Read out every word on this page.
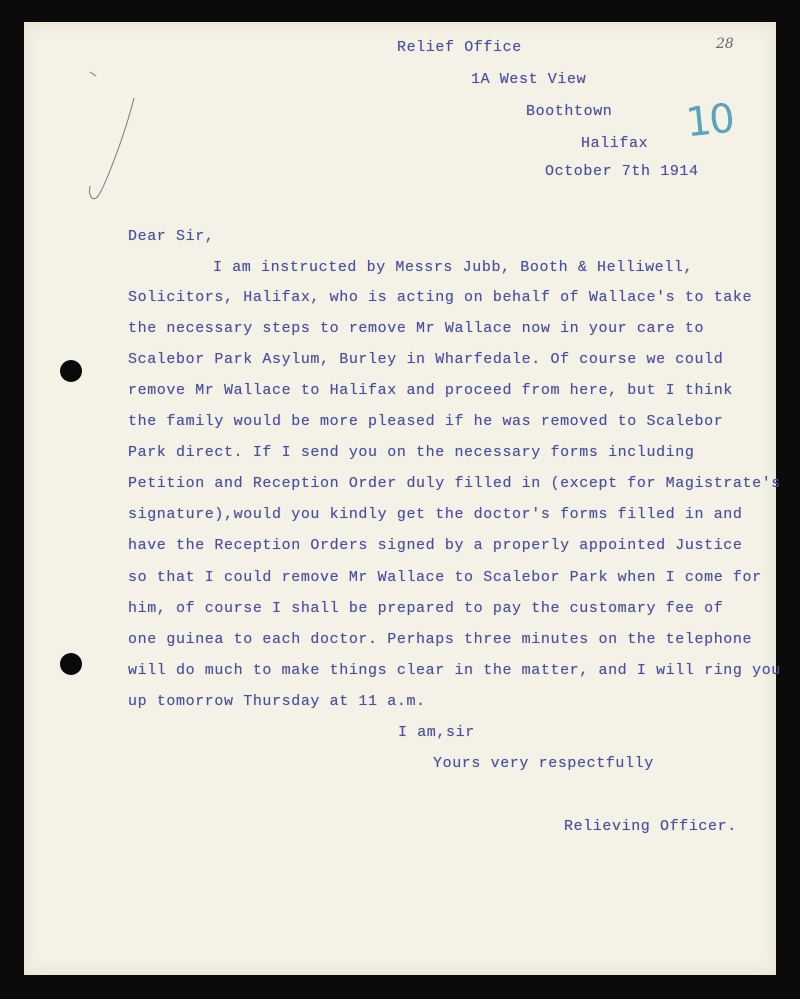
28
10
Relief Office
1A West View
Boothtown
Halifax
October 7th 1914
Dear Sir,
I am instructed by Messrs Jubb, Booth & Helliwell,
Solicitors, Halifax, who is acting on behalf of Wallace's to take
the necessary steps to remove Mr Wallace now in your care to
Scalebor Park Asylum, Burley in Wharfedale. Of course we could
remove Mr Wallace to Halifax and proceed from here, but I think
the family would be more pleased if he was removed to Scalebor
Park direct. If I send you on the necessary forms including
Petition and Reception Order duly filled in (except for Magistrate's
signature),would you kindly get the doctor's forms filled in and
have the Reception Orders signed by a properly appointed Justice
so that I could remove Mr Wallace to Scalebor Park when I come for
him, of course I shall be prepared to pay the customary fee of
one guinea to each doctor. Perhaps three minutes on the telephone
will do much to make things clear in the matter, and I will ring you
up tomorrow Thursday at 11 a.m.
I am,sir
Yours very respectfully
Relieving Officer.
